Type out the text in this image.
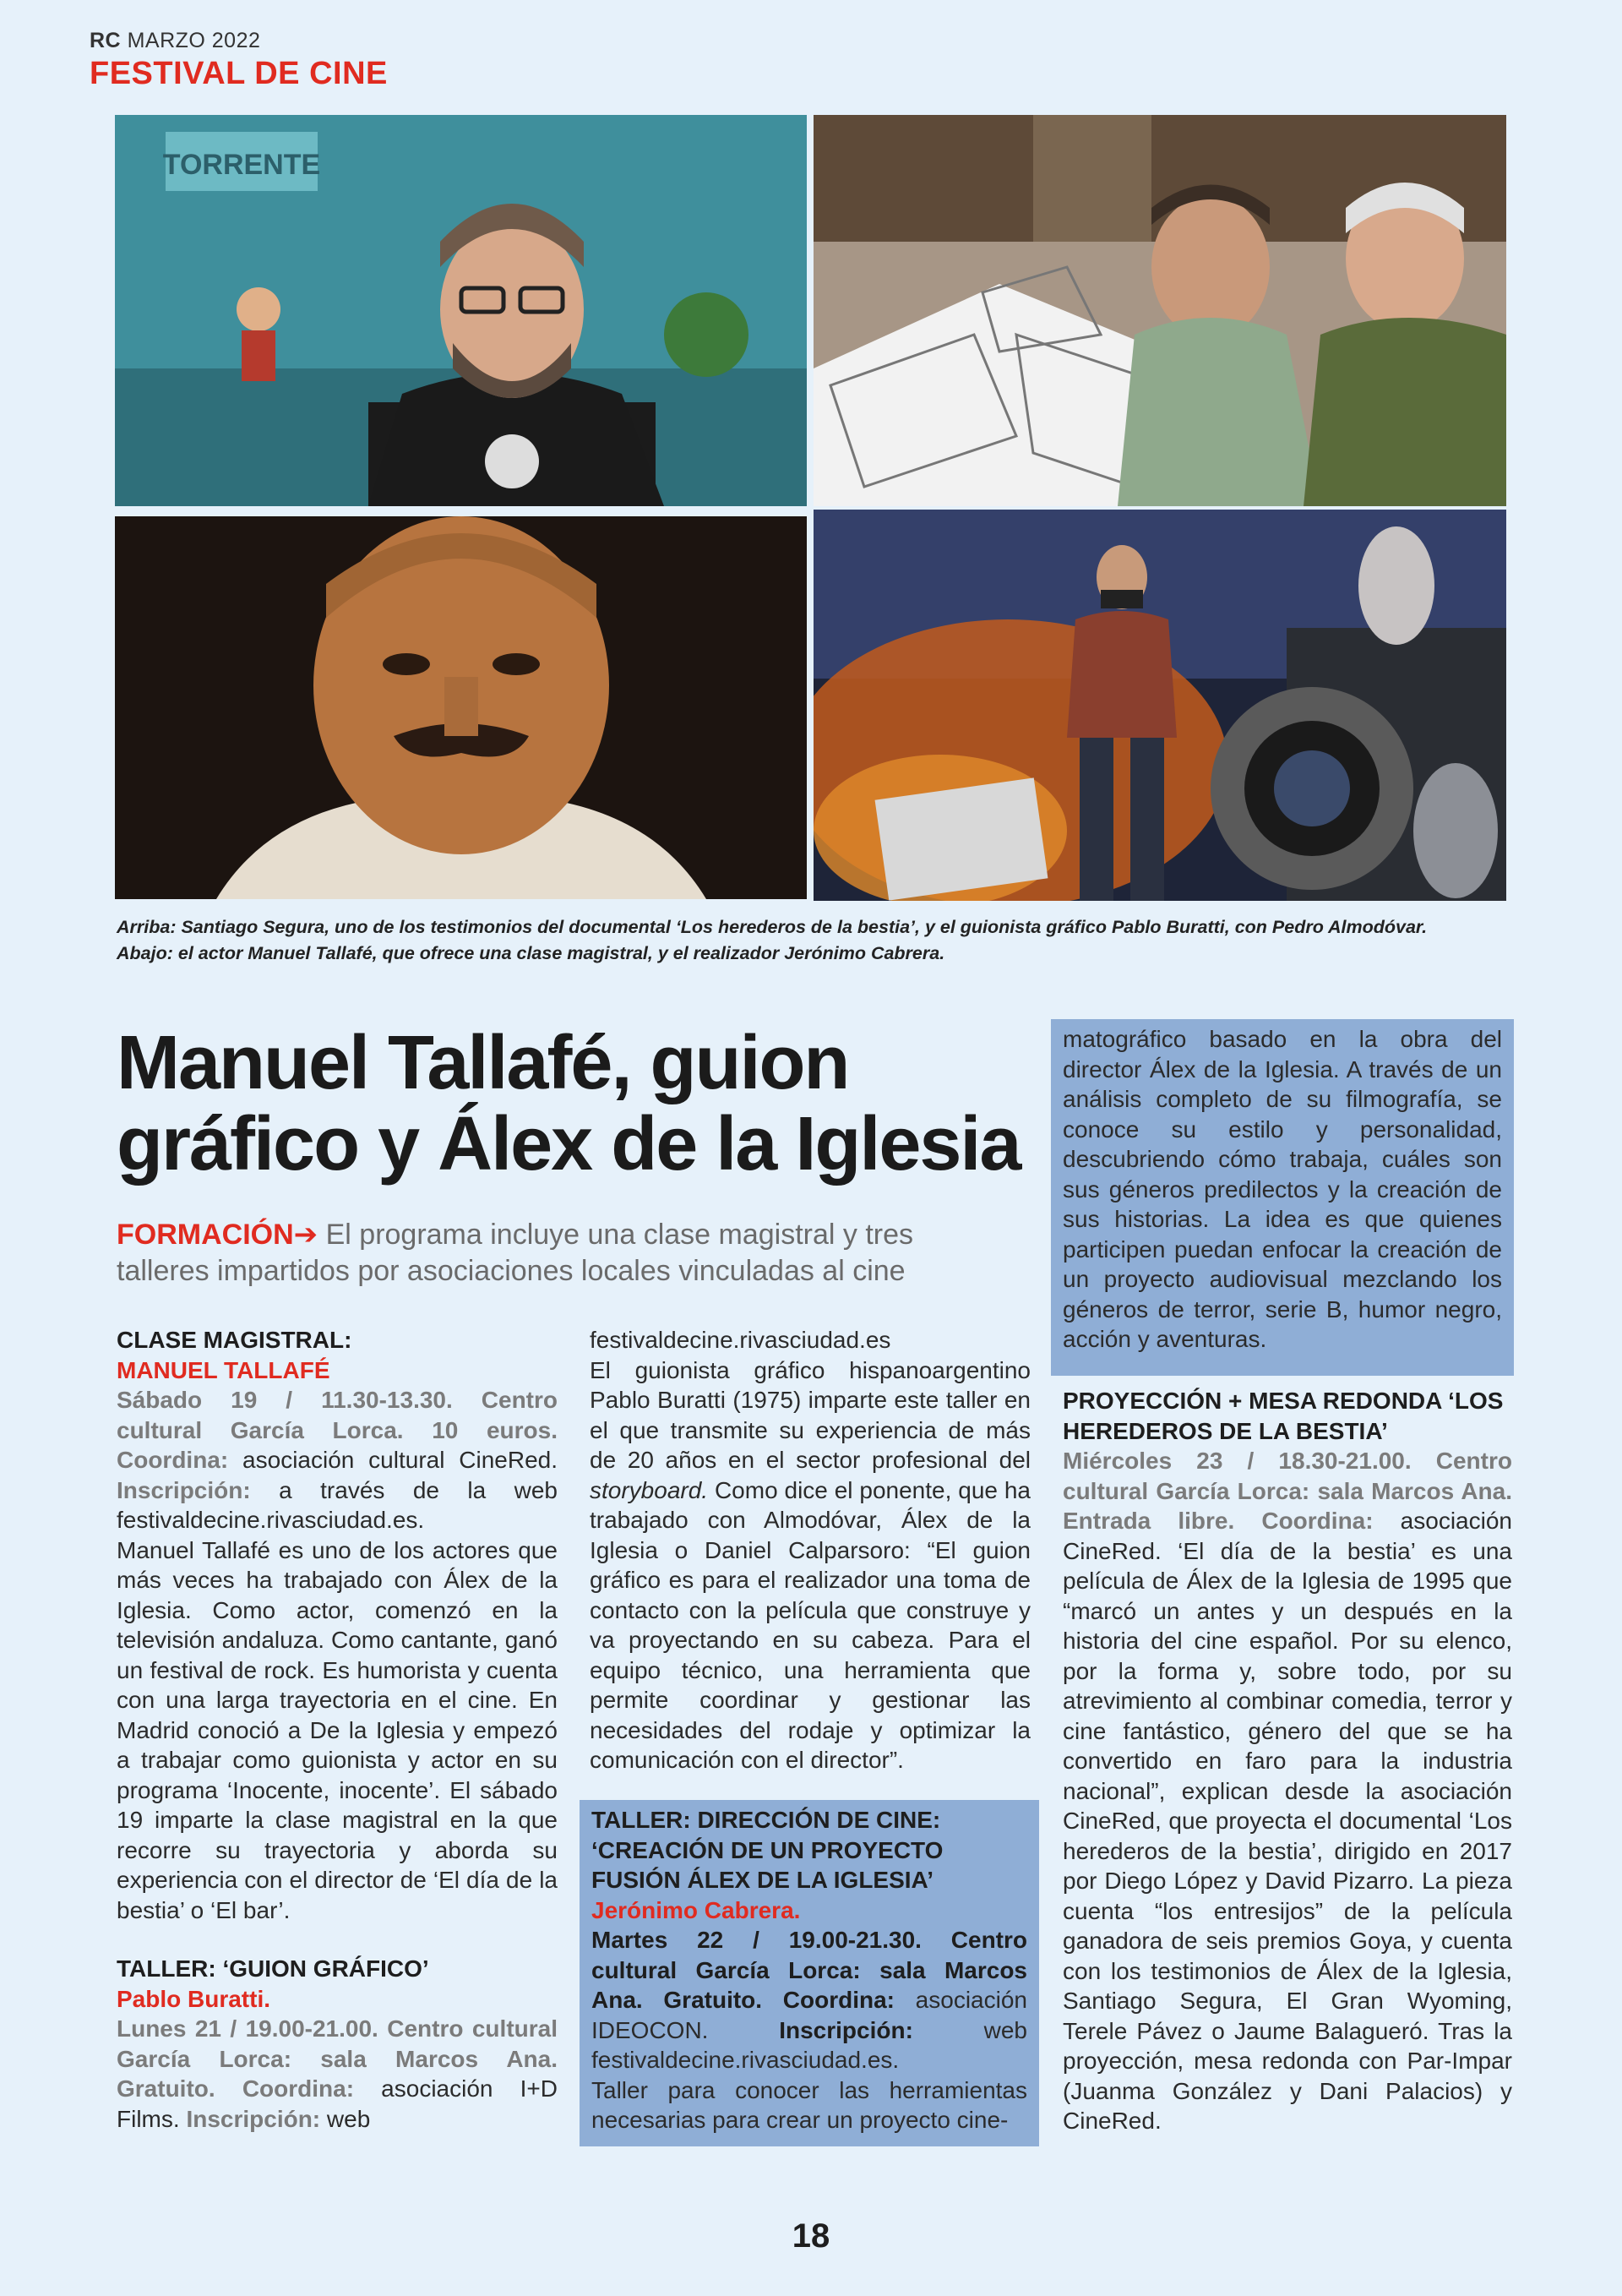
RC MARZO 2022
FESTIVAL DE CINE
TORRENTE
Arriba: Santiago Segura, uno de los testimonios del documental ‘Los herederos de la bestia’, y el guionista gráfico Pablo Buratti, con Pedro Almodóvar.
Abajo: el actor Manuel Tallafé, que ofrece una clase magistral, y el realizador Jerónimo Cabrera.
Manuel Tallafé, guion
gráfico y Álex de la Iglesia
FORMACIÓN➔ El programa incluye una clase magistral y tres talleres impartidos por asociaciones locales vinculadas al cine
CLASE MAGISTRAL:
MANUEL TALLAFÉ

Sábado 19 / 11.30-13.30. Centro cultural García Lorca. 10 euros. Coordina: asociación cultural CineRed. Inscripción: a través de la web festivaldecine.rivasciudad.es.

Manuel Tallafé es uno de los actores que más veces ha trabajado con Álex de la Iglesia. Como actor, comenzó en la televisión andaluza. Como cantante, ganó un festival de rock. Es humorista y cuenta con una larga trayectoria en el cine. En Madrid conoció a De la Iglesia y empezó a trabajar como guionista y actor en su programa ‘Inocente, inocente’. El sábado 19 imparte la clase magistral en la que recorre su trayectoria y aborda su experiencia con el director de ‘El día de la bestia’ o ‘El bar’.

TALLER: ‘GUION GRÁFICO’
Pablo Buratti.

Lunes 21 / 19.00-21.00. Centro cultural García Lorca: sala Marcos Ana. Gratuito. Coordina: asociación I+D Films. Inscripción: web

festivaldecine.rivasciudad.es

El guionista gráfico hispanoargentino Pablo Buratti (1975) imparte este taller en el que transmite su experiencia de más de 20 años en el sector profesional del storyboard. Como dice el ponente, que ha trabajado con Almodóvar, Álex de la Iglesia o Daniel Calparsoro: “El guion gráfico es para el realizador una toma de contacto con la película que construye y va proyectando en su cabeza. Para el equipo técnico, una herramienta que permite coordinar y gestionar las necesidades del rodaje y optimizar la comunicación con el director”.

TALLER: DIRECCIÓN DE CINE: ‘CREACIÓN DE UN PROYECTO FUSIÓN ÁLEX DE LA IGLESIA’
Jerónimo Cabrera.

Martes 22 / 19.00-21.30. Centro cultural García Lorca: sala Marcos Ana. Gratuito. Coordina: asociación IDEOCON.	Inscripción: web festivaldecine.rivasciudad.es.

Taller para conocer las herramientas necesarias para crear un proyecto cine-

matográfico basado en la obra del director Álex de la Iglesia. A través de un análisis completo de su filmografía, se conoce su estilo y personalidad, descubriendo cómo trabaja, cuáles son sus géneros predilectos y la creación de sus historias. La idea es que quienes participen puedan enfocar la creación de un proyecto audiovisual mezclando los géneros de terror, serie B, humor negro, acción y aventuras.
PROYECCIÓN + MESA REDONDA ‘LOS HEREDEROS DE LA BESTIA’

Miércoles 23 / 18.30-21.00. Centro cultural García Lorca: sala Marcos Ana. Entrada libre. Coordina: asociación CineRed. ‘El día de la bestia’ es una película de Álex de la Iglesia de 1995 que “marcó un antes y un después en la historia del cine español. Por su elenco, por la forma y, sobre todo, por su atrevimiento al combinar comedia, terror y cine fantástico, género del que se ha convertido en faro para la industria nacional”, explican desde la asociación CineRed, que proyecta el documental ‘Los herederos de la bestia’, dirigido en 2017 por Diego López y David Pizarro. La pieza cuenta “los entresijos” de la película ganadora de seis premios Goya, y cuenta con los testimonios de Álex de la Iglesia, Santiago Segura, El Gran Wyoming, Terele Pávez o Jaume Balagueró. Tras la proyección, mesa redonda con Par-Impar (Juanma González y Dani Palacios) y CineRed.

18
